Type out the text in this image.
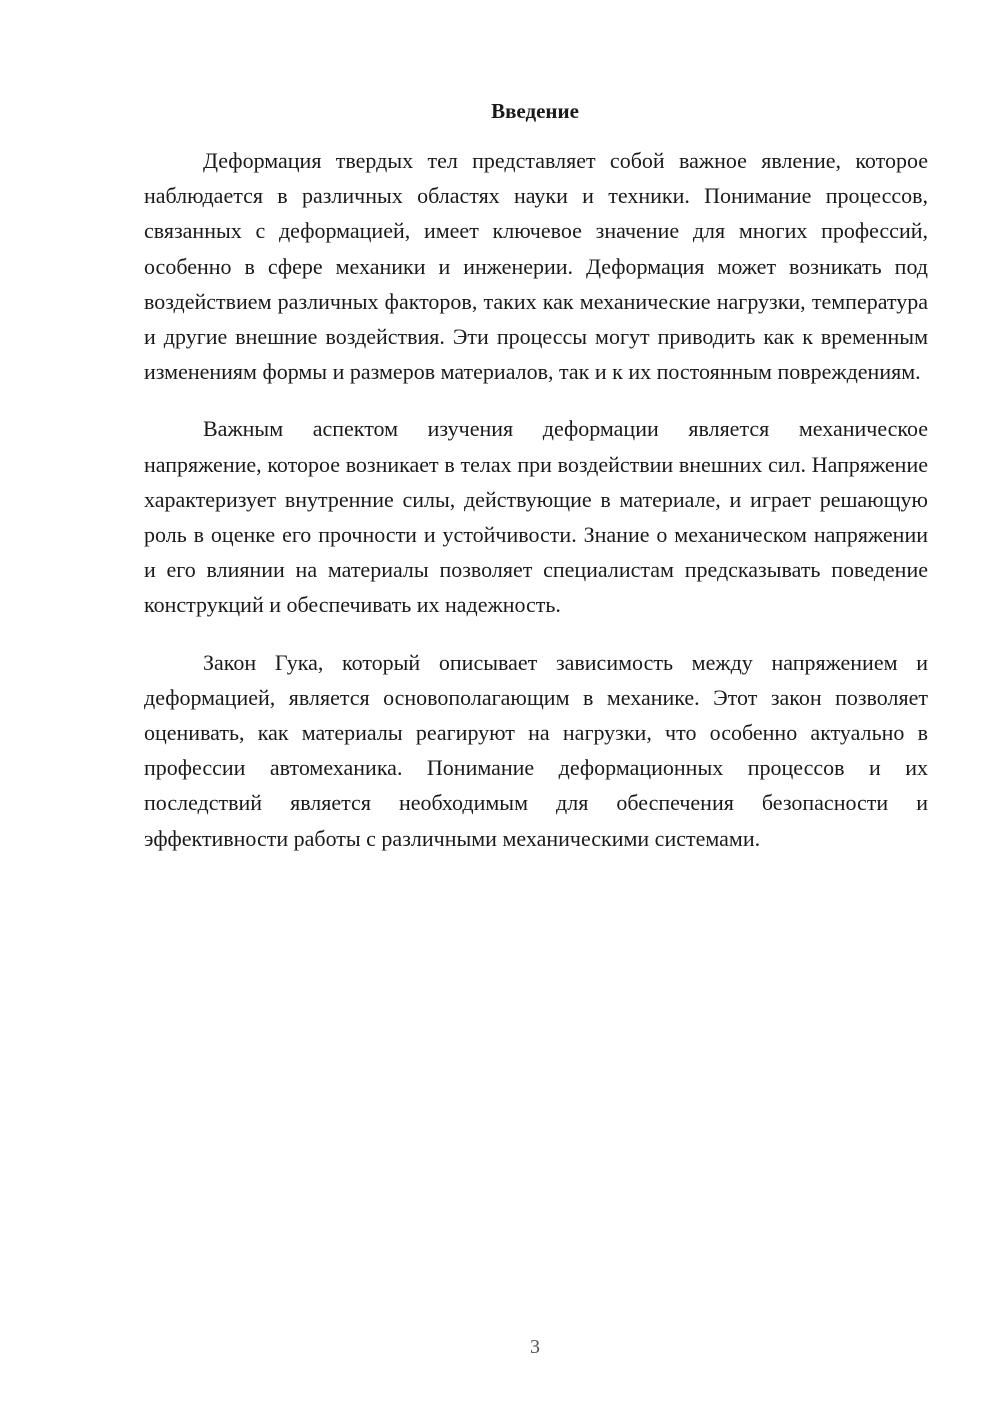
Введение

Деформация твердых тел представляет собой важное явление, которое наблюдается в различных областях науки и техники. Понимание процессов, связанных с деформацией, имеет ключевое значение для многих профессий, особенно в сфере механики и инженерии. Деформация может возникать под воздействием различных факторов, таких как механические нагрузки, температура и другие внешние воздействия. Эти процессы могут приводить как к временным изменениям формы и размеров материалов, так и к их постоянным повреждениям.

Важным аспектом изучения деформации является механическое напряжение, которое возникает в телах при воздействии внешних сил. Напряжение характеризует внутренние силы, действующие в материале, и играет решающую роль в оценке его прочности и устойчивости. Знание о механическом напряжении и его влиянии на материалы позволяет специалистам предсказывать поведение конструкций и обеспечивать их надежность.

Закон Гука, который описывает зависимость между напряжением и деформацией, является основополагающим в механике. Этот закон позволяет оценивать, как материалы реагируют на нагрузки, что особенно актуально в профессии автомеханика. Понимание деформационных процессов и их последствий является необходимым для обеспечения безопасности и эффективности работы с различными механическими системами.

3
